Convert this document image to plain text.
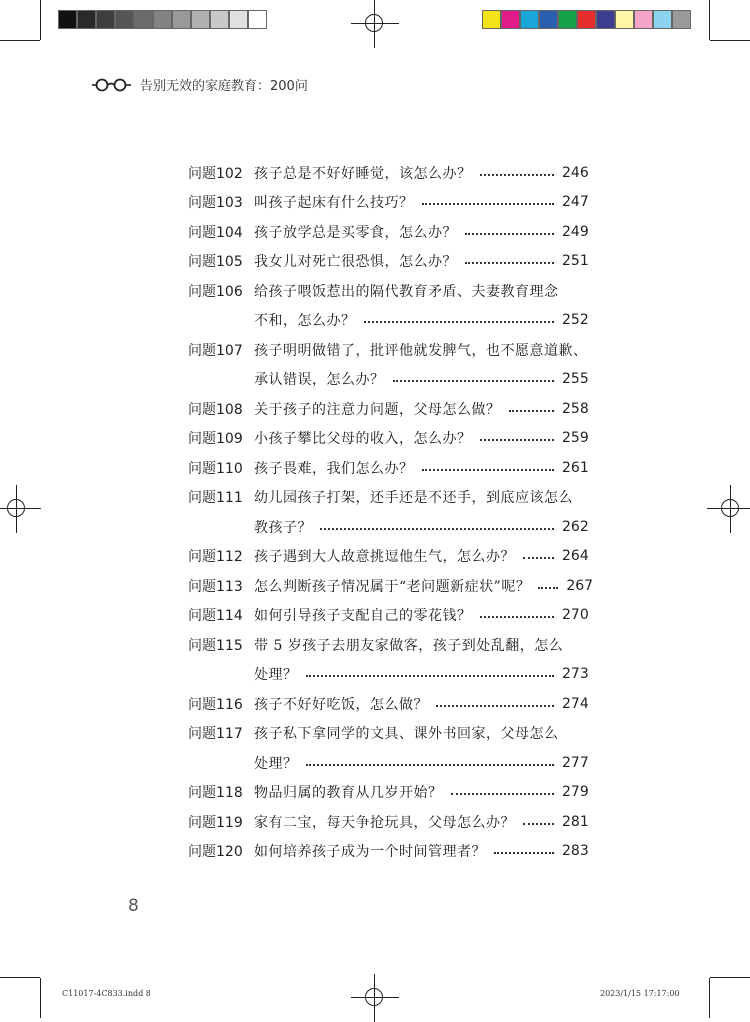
告别无效的家庭教育：200问
问题102 孩子总是不好好睡觉，该怎么办？	246
问题103 叫孩子起床有什么技巧？	247
问题104 孩子放学总是买零食，怎么办？	249
问题105 我女儿对死亡很恐惧，怎么办？	251
问题106 给孩子喂饭惹出的隔代教育矛盾、夫妻教育理念
不和，怎么办？	252
问题107 孩子明明做错了，批评他就发脾气，也不愿意道歉、
承认错误，怎么办？	255
问题108 关于孩子的注意力问题，父母怎么做？	258
问题109 小孩子攀比父母的收入，怎么办？	259
问题110 孩子畏难，我们怎么办？	261
问题111 幼儿园孩子打架，还手还是不还手，到底应该怎么
教孩子？	262
问题112 孩子遇到大人故意挑逗他生气，怎么办？	264
问题113 怎么判断孩子情况属于“老问题新症状”呢？	267
问题114 如何引导孩子支配自己的零花钱？	270
问题115 带 5 岁孩子去朋友家做客，孩子到处乱翻，怎么
处理？	273
问题116 孩子不好好吃饭，怎么做？	274
问题117 孩子私下拿同学的文具、课外书回家，父母怎么
处理？	277
问题118 物品归属的教育从几岁开始？	279
问题119 家有二宝，每天争抢玩具，父母怎么办？	281
问题120 如何培养孩子成为一个时间管理者？	283
8
C11017-4C833.indd 8	2023/1/15 17:17:00
